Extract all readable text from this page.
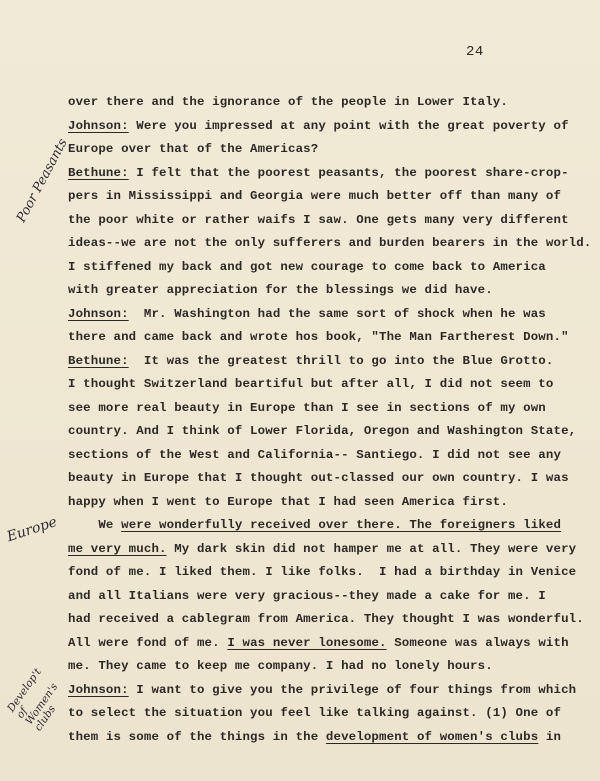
24
over there and the ignorance of the people in Lower Italy.
Johnson: Were you impressed at any point with the great poverty of
Europe over that of the Americas?
Bethune: I felt that the poorest peasants, the poorest share-crop-
pers in Mississippi and Georgia were much better off than many of
the poor white or rather waifs I saw. One gets many very different
ideas--we are not the only sufferers and burden bearers in the world.
I stiffened my back and got new courage to come back to America
with greater appreciation for the blessings we did have.
Johnson:  Mr. Washington had the same sort of shock when he was
there and came back and wrote hos book, "The Man Fartherest Down."
Bethune:  It was the greatest thrill to go into the Blue Grotto.
I thought Switzerland beartiful but after all, I did not seem to
see more real beauty in Europe than I see in sections of my own
country. And I think of Lower Florida, Oregon and Washington State,
sections of the West and California-- Santiego. I did not see any
beauty in Europe that I thought out-classed our own country. I was
happy when I went to Europe that I had seen America first.
We were wonderfully received over there. The foreigners liked
me very much. My dark skin did not hamper me at all. They were very
fond of me. I liked them. I like folks.  I had a birthday in Venice
and all Italians were very gracious--they made a cake for me. I
had received a cablegram from America. They thought I was wonderful.
All were fond of me. I was never lonesome. Someone was always with
me. They came to keep me company. I had no lonely hours.
Johnson: I want to give you the privilege of four things from which
to select the situation you feel like talking against. (1) One of
them is some of the things in the development of women's clubs in
Poor Peasants
Europe
Develop't
of
Women's
clubs
